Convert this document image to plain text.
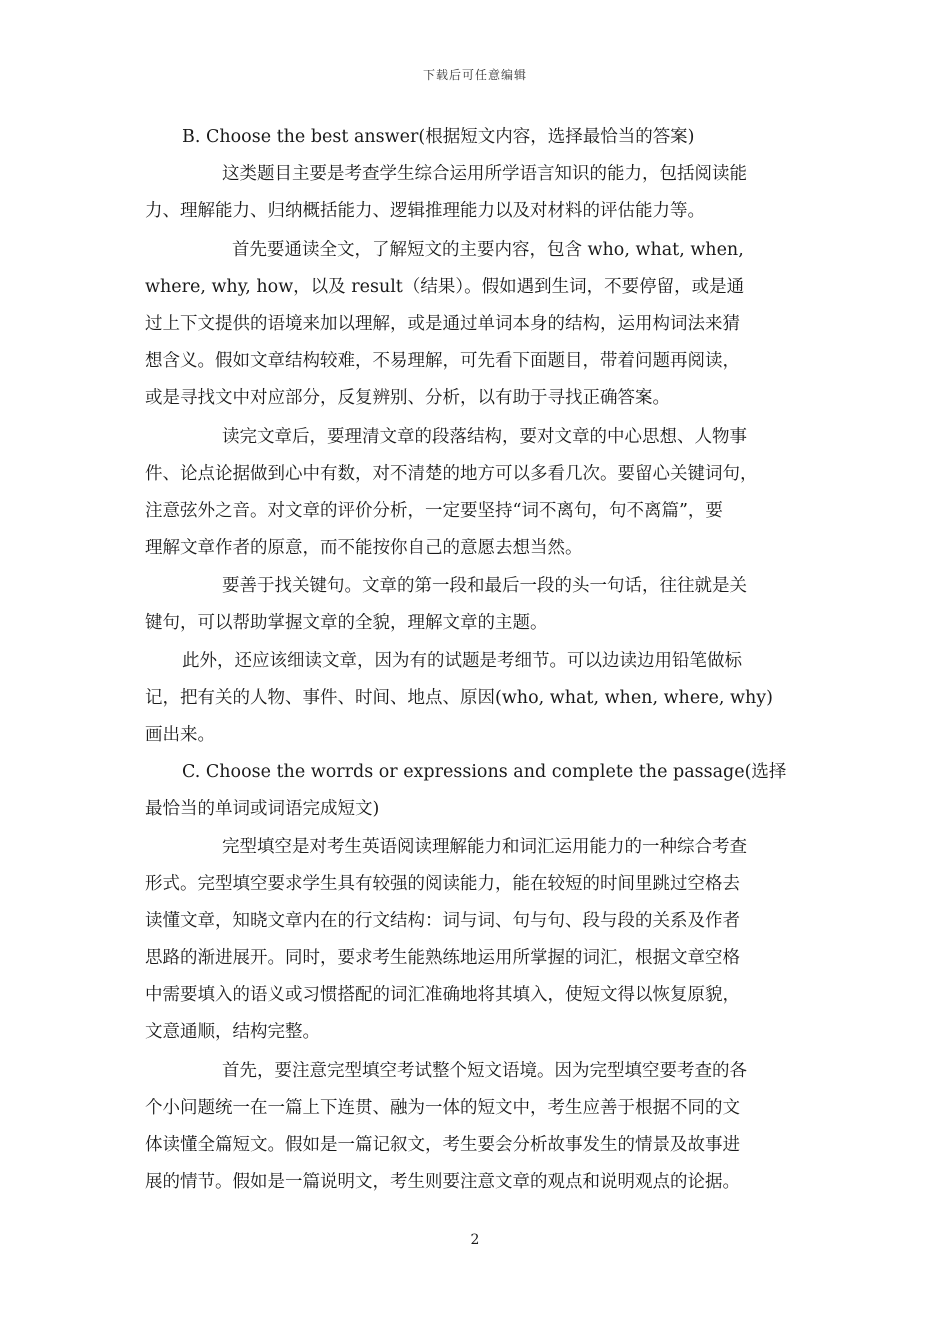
下载后可任意编辑
B. Choose the best answer(根据短文内容，选择最恰当的答案)
这类题目主要是考查学生综合运用所学语言知识的能力，包括阅读能
力、理解能力、归纳概括能力、逻辑推理能力以及对材料的评估能力等。
首先要通读全文，了解短文的主要内容，包含 who, what, when,
where, why, how，以及 result（结果）。假如遇到生词，不要停留，或是通
过上下文提供的语境来加以理解，或是通过单词本身的结构，运用构词法来猜
想含义。假如文章结构较难，不易理解，可先看下面题目，带着问题再阅读，
或是寻找文中对应部分，反复辨别、分析，以有助于寻找正确答案。
读完文章后，要理清文章的段落结构，要对文章的中心思想、人物事
件、论点论据做到心中有数，对不清楚的地方可以多看几次。要留心关键词句，
注意弦外之音。对文章的评价分析，一定要坚持“词不离句，句不离篇”，要
理解文章作者的原意，而不能按你自己的意愿去想当然。
要善于找关键句。文章的第一段和最后一段的头一句话，往往就是关
键句，可以帮助掌握文章的全貌，理解文章的主题。
此外，还应该细读文章，因为有的试题是考细节。可以边读边用铅笔做标
记，把有关的人物、事件、时间、地点、原因(who, what, when, where, why)
画出来。
C. Choose the worrds or expressions and complete the passage(选择
最恰当的单词或词语完成短文)
完型填空是对考生英语阅读理解能力和词汇运用能力的一种综合考查
形式。完型填空要求学生具有较强的阅读能力，能在较短的时间里跳过空格去
读懂文章，知晓文章内在的行文结构：词与词、句与句、段与段的关系及作者
思路的渐进展开。同时，要求考生能熟练地运用所掌握的词汇，根据文章空格
中需要填入的语义或习惯搭配的词汇准确地将其填入，使短文得以恢复原貌，
文意通顺，结构完整。
首先，要注意完型填空考试整个短文语境。因为完型填空要考查的各
个小问题统一在一篇上下连贯、融为一体的短文中，考生应善于根据不同的文
体读懂全篇短文。假如是一篇记叙文，考生要会分析故事发生的情景及故事进
展的情节。假如是一篇说明文，考生则要注意文章的观点和说明观点的论据。
2
